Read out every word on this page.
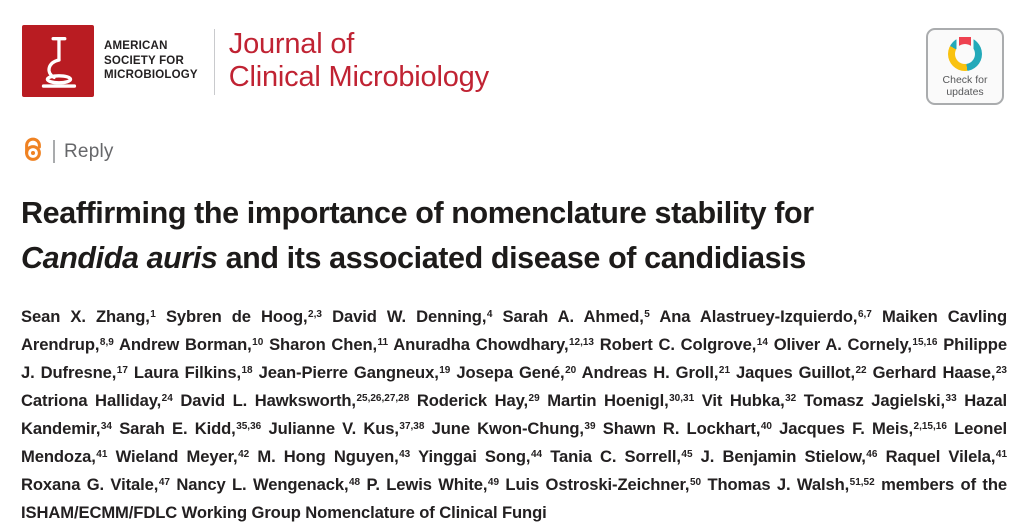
AMERICAN
SOCIETY FOR
MICROBIOLOGY
Journal of
Clinical Microbiology	Check for
updates
Reply
Reaffirming the importance of nomenclature stability for
Candida auris and its associated disease of candidiasis

Sean X. Zhang,$^1$ Sybren de Hoog,$^{2,3}$ David W. Denning,$^4$ Sarah A. Ahmed,$^5$ Ana Alastruey-Izquierdo,$^{6,7}$ Maiken Cavling Arendrup,$^{8,9}$ Andrew Borman,$^{10}$ Sharon Chen,$^{11}$ Anuradha Chowdhary,$^{12,13}$ Robert C. Colgrove,$^{14}$ Oliver A. Cornely,$^{15,16}$ Philippe J. Dufresne,$^{17}$ Laura Filkins,$^{18}$ Jean-Pierre Gangneux,$^{19}$ Josepa Gené,$^{20}$ Andreas H. Groll,$^{21}$ Jaques Guillot,$^{22}$ Gerhard Haase,$^{23}$ Catriona Halliday,$^{24}$ David L. Hawksworth,$^{25,26,27,28}$ Roderick Hay,$^{29}$ Martin Hoenigl,$^{30,31}$ Vit Hubka,$^{32}$ Tomasz Jagielski,$^{33}$ Hazal Kandemir,$^{34}$ Sarah E. Kidd,$^{35,36}$ Julianne V. Kus,$^{37,38}$ June Kwon-Chung,$^{39}$ Shawn R. Lockhart,$^{40}$ Jacques F. Meis,$^{2,15,16}$ Leonel Mendoza,$^{41}$ Wieland Meyer,$^{42}$ M. Hong Nguyen,$^{43}$ Yinggai Song,$^{44}$ Tania C. Sorrell,$^{45}$ J. Benjamin Stielow,$^{46}$ Raquel Vilela,$^{41}$ Roxana G. Vitale,$^{47}$ Nancy L. Wengenack,$^{48}$ P. Lewis White,$^{49}$ Luis Ostroski-Zeichner,$^{50}$ Thomas J. Walsh,$^{51,52}$ members of the ISHAM/ECMM/FDLC Working Group Nomenclature of Clinical Fungi
